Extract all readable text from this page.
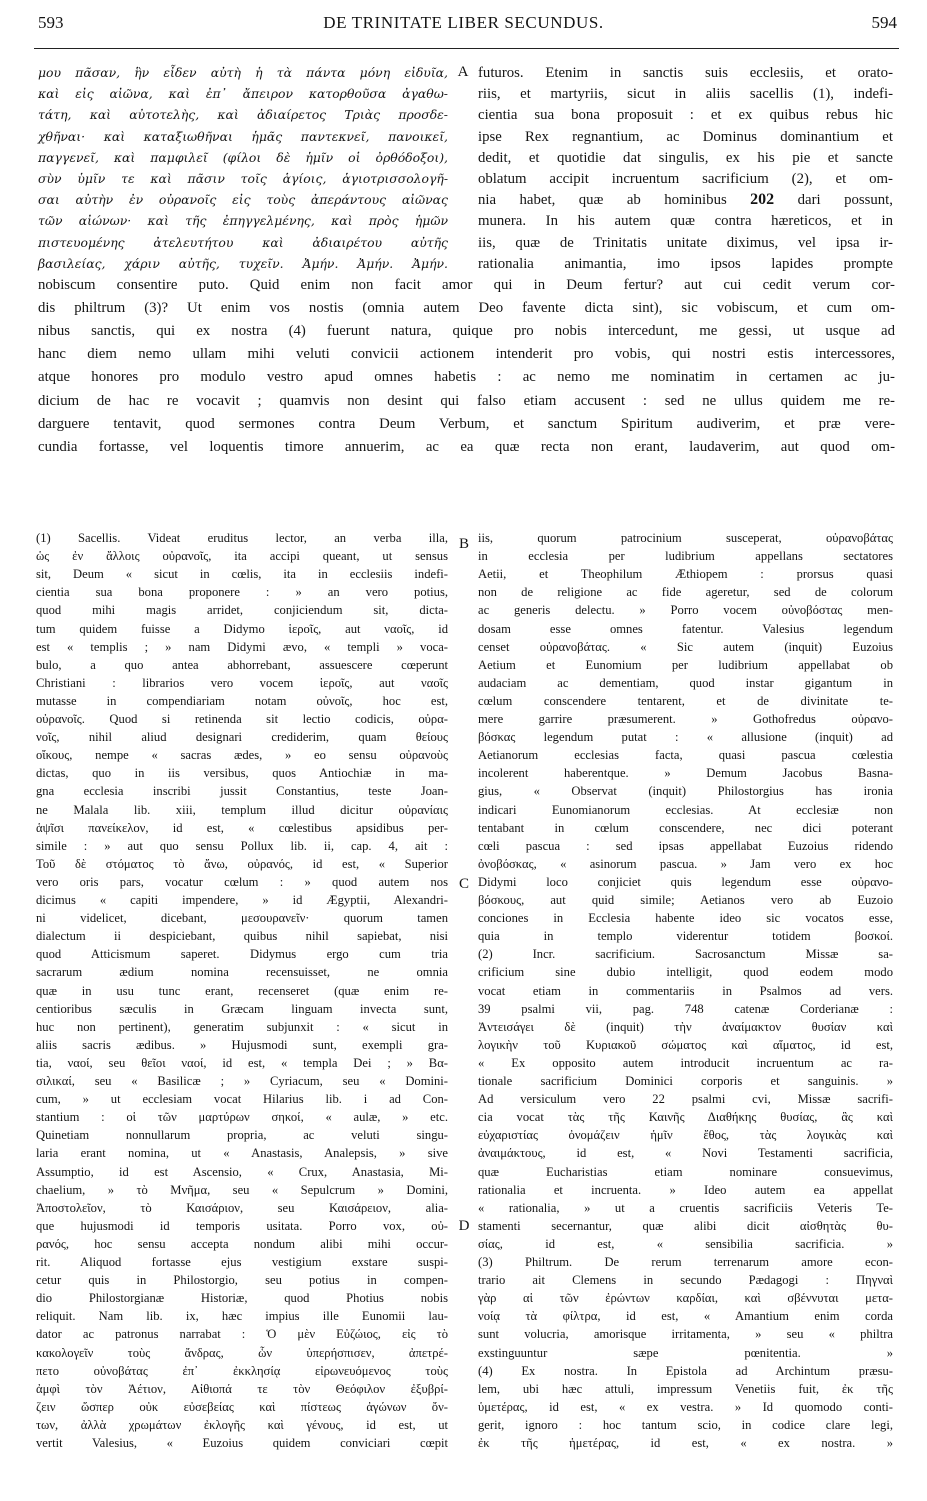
593	DE TRINITATE LIBER SECUNDUS.	594
A
B
C
D
μου πᾶσαν, ἣν εἶδεν αὐτὴ ἡ τὰ πάντα μόνη εἰδυῖα,
καὶ εἰς αἰῶνα, καὶ ἐπ᾽ ἄπειρον κατορθοῦσα ἀγαθω-
τάτη, καὶ αὐτοτελὴς, καὶ ἀδιαίρετος Τριὰς προσδε-
χθῆναι· καὶ καταξιωθῆναι ἡμᾶς παντεκνεῖ, πανοικεῖ,
παγγενεῖ, καὶ παμφιλεῖ (φίλοι δὲ ἡμῖν οἱ ὀρθόδοξοι),
σὺν ὑμῖν τε καὶ πᾶσιν τοῖς ἁγίοις, ἁγιοτρισσολογῆ-
σαι αὐτὴν ἐν οὐρανοῖς εἰς τοὺς ἀπεράντους αἰῶνας
τῶν αἰώνων· καὶ τῆς ἐπηγγελμένης, καὶ πρὸς ἡμῶν
πιστευομένης ἀτελευτήτου καὶ ἀδιαιρέτου αὐτῆς
βασιλείας, χάριν αὐτῆς, τυχεῖν. Ἀμήν. Ἀμήν. Ἀμήν.
futuros. Etenim in sanctis suis ecclesiis, et orato-
riis, et martyriis, sicut in aliis sacellis (1), indefi-
cientia sua bona proposuit : et ex quibus rebus hic
ipse Rex regnantium, ac Dominus dominantium et
dedit, et quotidie dat singulis, ex his pie et sancte
oblatum accipit incruentum sacrificium (2), et om-
nia habet, quæ ab hominibus 202 dari possunt,
munera. In his autem quæ contra hæreticos, et in
iis, quæ de Trinitatis unitate diximus, vel ipsa ir-
rationalia animantia, imo ipsos lapides prompte
nobiscum consentire puto. Quid enim non facit amor qui in Deum fertur? aut cui cedit verum cor-
dis philtrum (3)? Ut enim vos nostis (omnia autem Deo favente dicta sint), sic vobiscum, et cum om-
nibus sanctis, qui ex nostra (4) fuerunt natura, quique pro nobis intercedunt, me gessi, ut usque ad
hanc diem nemo ullam mihi veluti convicii actionem intenderit pro vobis, qui nostri estis intercessores,
atque honores pro modulo vestro apud omnes habetis : ac nemo me nominatim in certamen ac ju-
dicium de hac re vocavit ; quamvis non desint qui falso etiam accusent : sed ne ullus quidem me re-
darguere tentavit, quod sermones contra Deum Verbum, et sanctum Spiritum audiverim, et præ vere-
cundia fortasse, vel loquentis timore annuerim, ac ea quæ recta non erant, laudaverim, aut quod om-
(1) Sacellis. Videat eruditus lector, an verba illa,
ὡς ἐν ἄλλοις οὐρανοῖς, ita accipi queant, ut sensus
sit, Deum « sicut in cœlis, ita in ecclesiis indefi-
cientia sua bona proponere : » an vero potius,
quod mihi magis arridet, conjiciendum sit, dicta-
tum quidem fuisse a Didymo ἱεροῖς, aut ναοῖς, id
est « templis ; » nam Didymi ævo, « templi » voca-
bulo, a quo antea abhorrebant, assuescere cœperunt
Christiani : librarios vero vocem ἱεροῖς, aut ναοῖς
mutasse in compendiariam notam οὐνοῖς, hoc est,
οὐρανοῖς. Quod si retinenda sit lectio codicis, οὐρα-
νοῖς, nihil aliud designari crediderim, quam θείους
οἴκους, nempe « sacras ædes, » eo sensu οὐρανοὺς
dictas, quo in iis versibus, quos Antiochiæ in ma-
gna ecclesia inscribi jussit Constantius, teste Joan-
ne Malala lib. xiii, templum illud dicitur οὐρανίαις
ἁψῖσι πανείκελον, id est, « cœlestibus apsidibus per-
simile : » aut quo sensu Pollux lib. ii, cap. 4, ait :
Τοῦ δὲ στόματος τὸ ἄνω, οὐρανός, id est, « Superior
vero oris pars, vocatur cœlum : » quod autem nos
dicimus « capiti impendere, » id Ægyptii, Alexandri-
ni videlicet, dicebant, μεσουρανεῖν· quorum tamen
dialectum ii despiciebant, quibus nihil sapiebat, nisi
quod Atticismum saperet. Didymus ergo cum tria
sacrarum ædium nomina recensuisset, ne omnia
quæ in usu tunc erant, recenseret (quæ enim re-
centioribus sæculis in Græcam linguam invecta sunt,
huc non pertinent), generatim subjunxit : « sicut in
aliis sacris ædibus. » Hujusmodi sunt, exempli gra-
tia, ναοί, seu θεῖοι ναοί, id est, « templa Dei ; » Βα-
σιλικαί, seu « Basilicæ ; » Cyriacum, seu « Domini-
cum, » ut ecclesiam vocat Hilarius lib. i ad Con-
stantium : οἱ τῶν μαρτύρων σηκοί, « aulæ, » etc.
Quinetiam nonnullarum propria, ac veluti singu-
laria erant nomina, ut « Anastasis, Analepsis, » sive
Assumptio, id est Ascensio, « Crux, Anastasia, Mi-
chaelium, » τὸ Μνῆμα, seu « Sepulcrum » Domini,
Ἀποστολεῖον, τὸ Καισάριον, seu Καισάρειον, alia-
que hujusmodi id temporis usitata. Porro vox, οὐ-
ρανός, hoc sensu accepta nondum alibi mihi occur-
rit. Aliquod fortasse ejus vestigium exstare suspi-
cetur quis in Philostorgio, seu potius in compen-
dio Philostorgianæ Historiæ, quod Photius nobis
reliquit. Nam lib. ix, hæc impius ille Eunomii lau-
dator ac patronus narrabat : Ὁ μὲν Εὐζώιος, εἰς τὸ
κακολογεῖν τοὺς ἄνδρας, ὧν ὑπερήσπισεν, ἀπετρέ-
πετο οὐνοβάτας ἐπ᾽ ἐκκλησίᾳ εἰρωνευόμενος τοὺς
ἀμφὶ τὸν Ἀέτιον, Αἰθιοπά τε τὸν Θεόφιλον ἐξυβρί-
ζειν ὥσπερ οὐκ εὐσεβείας καὶ πίστεως ἀγώνων ὄν-
των, ἀλλὰ χρωμάτων ἐκλογῆς καὶ γένους, id est, ut
vertit Valesius, « Euzoius quidem conviciari cœpit
iis, quorum patrocinium susceperat, οὐρανοβάτας
in ecclesia per ludibrium appellans sectatores
Aetii, et Theophilum Æthiopem : prorsus quasi
non de religione ac fide ageretur, sed de colorum
ac generis delectu. » Porro vocem οὐνοβόστας men-
dosam esse omnes fatentur. Valesius legendum
censet οὐρανοβάτας. « Sic autem (inquit) Euzoius
Aetium et Eunomium per ludibrium appellabat ob
audaciam ac dementiam, quod instar gigantum in
cœlum conscendere tentarent, et de divinitate te-
mere garrire præsumerent. » Gothofredus οὐρανο-
βόσκας legendum putat : « allusione (inquit) ad
Aetianorum ecclesias facta, quasi pascua cœlestia
incolerent haberentque. » Demum Jacobus Basna-
gius, « Observat (inquit) Philostorgius has ironia
indicari Eunomianorum ecclesias. At ecclesiæ non
tentabant in cœlum conscendere, nec dici poterant
cœli pascua : sed ipsas appellabat Euzoius ridendo
ὀνοβόσκας, « asinorum pascua. » Jam vero ex hoc
Didymi loco conjiciet quis legendum esse οὐρανο-
βόσκους, aut quid simile; Aetianos vero ab Euzoio
conciones in Ecclesia habente ideo sic vocatos esse,
quia in templo viderentur totidem βοσκοί.
(2) Incr. sacrificium. Sacrosanctum Missæ sa-
crificium sine dubio intelligit, quod eodem modo
vocat etiam in commentariis in Psalmos ad vers.
39 psalmi vii, pag. 748 catenæ Corderianæ :
Ἀντεισάγει δὲ (inquit) τὴν ἀναίμακτον θυσίαν καὶ
λογικὴν τοῦ Κυριακοῦ σώματος καὶ αἵματος, id est,
« Ex opposito autem introducit incruentum ac ra-
tionale sacrificium Dominici corporis et sanguinis. »
Ad versiculum vero 22 psalmi cvi, Missæ sacrifi-
cia vocat τὰς τῆς Καινῆς Διαθήκης θυσίας, ἃς καὶ
εὐχαριστίας ὀνομάζειν ἡμῖν ἔθος, τὰς λογικὰς καὶ
ἀναιμάκτους, id est, « Novi Testamenti sacrificia,
quæ Eucharistias etiam nominare consuevimus,
rationalia et incruenta. » Ideo autem ea appellat
« rationalia, » ut a cruentis sacrificiis Veteris Te-
stamenti secernantur, quæ alibi dicit αἰσθητὰς θυ-
σίας, id est, « sensibilia sacrificia. »
(3) Philtrum. De rerum terrenarum amore econ-
trario ait Clemens in secundo Pædagogi : Πηγναὶ
γὰρ αἱ τῶν ἐρώντων καρδίαι, καὶ σβέννυται μετα-
νοίᾳ τὰ φίλτρα, id est, « Amantium enim corda
sunt volucria, amorisque irritamenta, » seu « philtra
exstinguuntur sæpe pœnitentia. »
(4) Ex nostra. In Epistola ad Archintum præsu-
lem, ubi hæc attuli, impressum Venetiis fuit, ἐκ τῆς
ὑμετέρας, id est, « ex vestra. » Id quomodo conti-
gerit, ignoro : hoc tantum scio, in codice clare legi,
ἐκ τῆς ἡμετέρας, id est, « ex nostra. »
